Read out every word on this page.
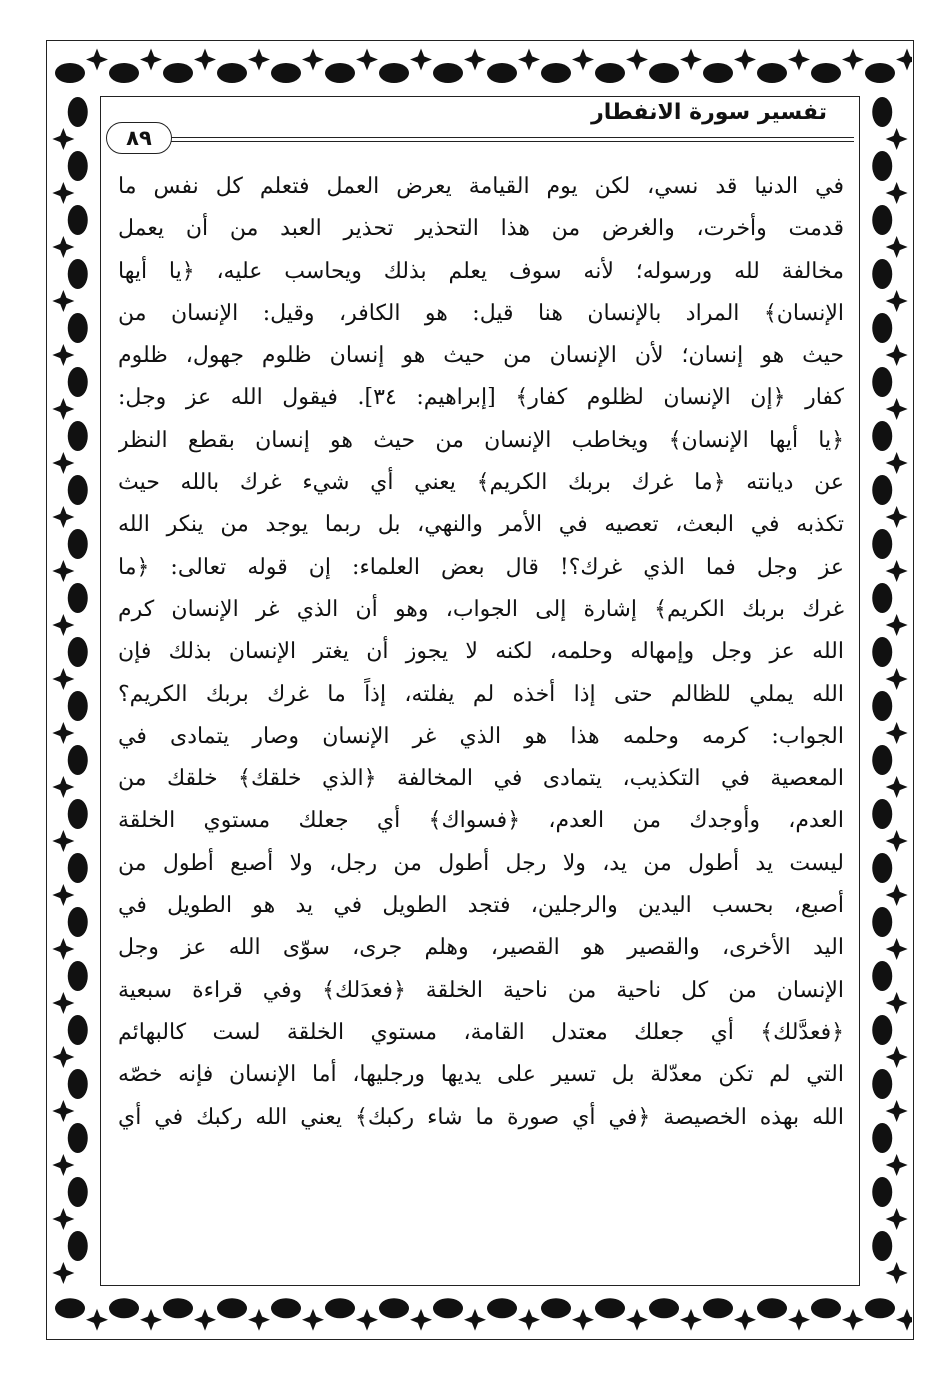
تفسير سورة الانفطار
٨٩
في الدنيا قد نسي، لكن يوم القيامة يعرض العمل فتعلم كل نفس ما
قدمت وأخرت، والغرض من هذا التحذير تحذير العبد من أن يعمل
مخالفة لله ورسوله؛ لأنه سوف يعلم بذلك ويحاسب عليه، ﴿يا أيها
الإنسان﴾ المراد بالإنسان هنا قيل: هو الكافر، وقيل: الإنسان من
حيث هو إنسان؛ لأن الإنسان من حيث هو إنسان ظلوم جهول، ظلوم
كفار ﴿إن الإنسان لظلوم كفار﴾ [إبراهيم: ٣٤]. فيقول الله عز وجل:
﴿يا أيها الإنسان﴾ ويخاطب الإنسان من حيث هو إنسان بقطع النظر
عن ديانته ﴿ما غرك بربك الكريم﴾ يعني أي شيء غرك بالله حيث
تكذبه في البعث، تعصيه في الأمر والنهي، بل ربما يوجد من ينكر الله
عز وجل فما الذي غرك؟! قال بعض العلماء: إن قوله تعالى: ﴿ما
غرك بربك الكريم﴾ إشارة إلى الجواب، وهو أن الذي غر الإنسان كرم
الله عز وجل وإمهاله وحلمه، لكنه لا يجوز أن يغتر الإنسان بذلك فإن
الله يملي للظالم حتى إذا أخذه لم يفلته، إذاً ما غرك بربك الكريم؟
الجواب: كرمه وحلمه هذا هو الذي غر الإنسان وصار يتمادى في
المعصية في التكذيب، يتمادى في المخالفة ﴿الذي خلقك﴾ خلقك من
العدم، وأوجدك من العدم، ﴿فسواك﴾ أي جعلك مستوي الخلقة
ليست يد أطول من يد، ولا رجل أطول من رجل، ولا أصبع أطول من
أصبع، بحسب اليدين والرجلين، فتجد الطويل في يد هو الطويل في
اليد الأخرى، والقصير هو القصير، وهلم جرى، سوّى الله عز وجل
الإنسان من كل ناحية من ناحية الخلقة ﴿فعدَلك﴾ وفي قراءة سبعية
﴿فعدَّلك﴾ أي جعلك معتدل القامة، مستوي الخلقة لست كالبهائم
التي لم تكن معدّلة بل تسير على يديها ورجليها، أما الإنسان فإنه خصّه
الله بهذه الخصيصة ﴿في أي صورة ما شاء ركبك﴾ يعني الله ركبك في أي
